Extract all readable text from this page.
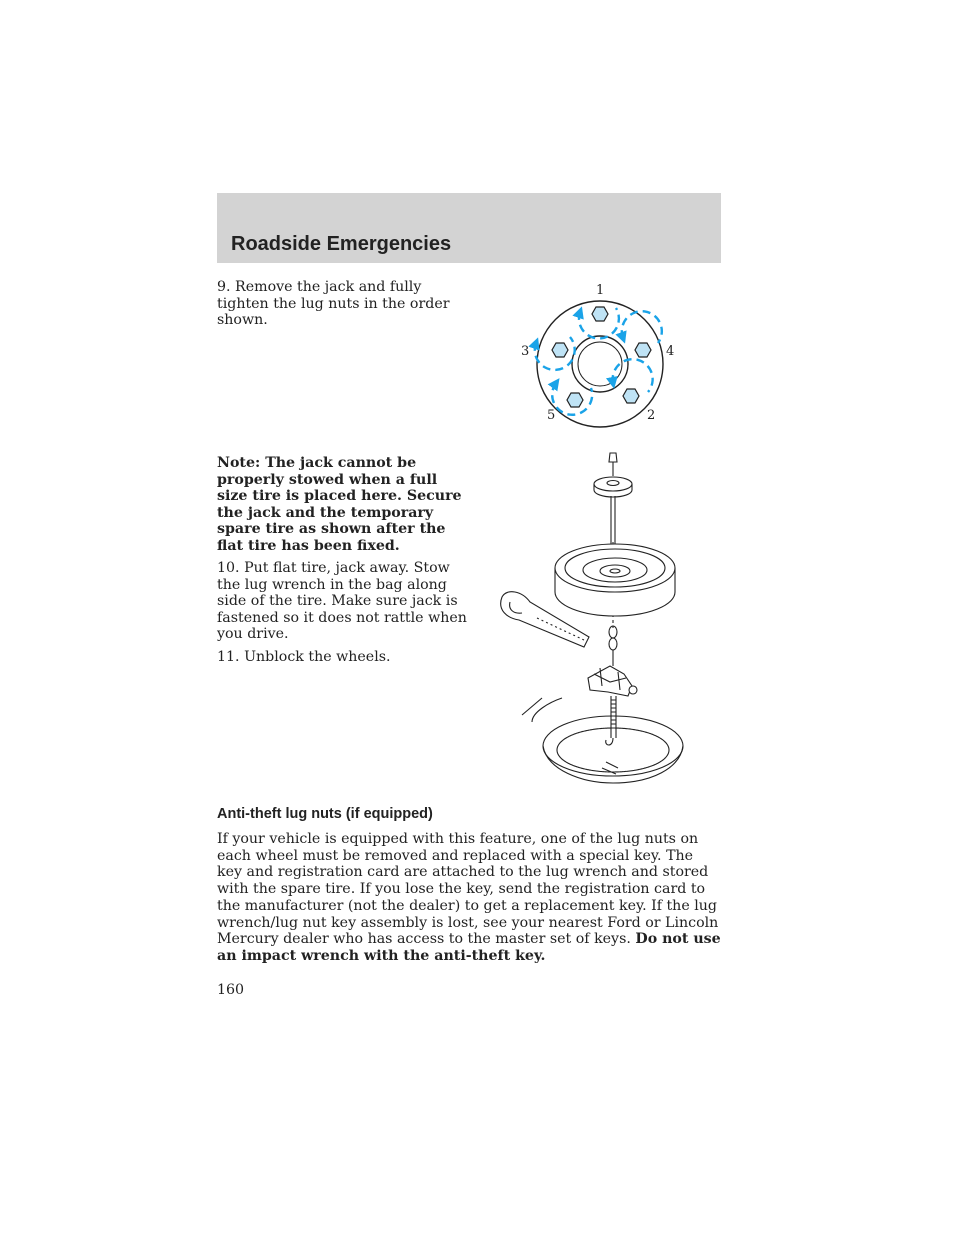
Roadside Emergencies

9. Remove the jack and fully tighten the lug nuts in the order shown.

1
3	4
5	2

Note: The jack cannot be properly stowed when a full size tire is placed here. Secure the jack and the temporary spare tire as shown after the flat tire has been fixed.

10. Put flat tire, jack away. Stow the lug wrench in the bag along side of the tire. Make sure jack is fastened so it does not rattle when you drive.

11. Unblock the wheels.

Anti-theft lug nuts (if equipped)

If your vehicle is equipped with this feature, one of the lug nuts on each wheel must be removed and replaced with a special key. The key and registration card are attached to the lug wrench and stored with the spare tire. If you lose the key, send the registration card to the manufacturer (not the dealer) to get a replacement key. If the lug wrench/lug nut key assembly is lost, see your nearest Ford or Lincoln Mercury dealer who has access to the master set of keys. Do not use an impact wrench with the anti-theft key.

160
